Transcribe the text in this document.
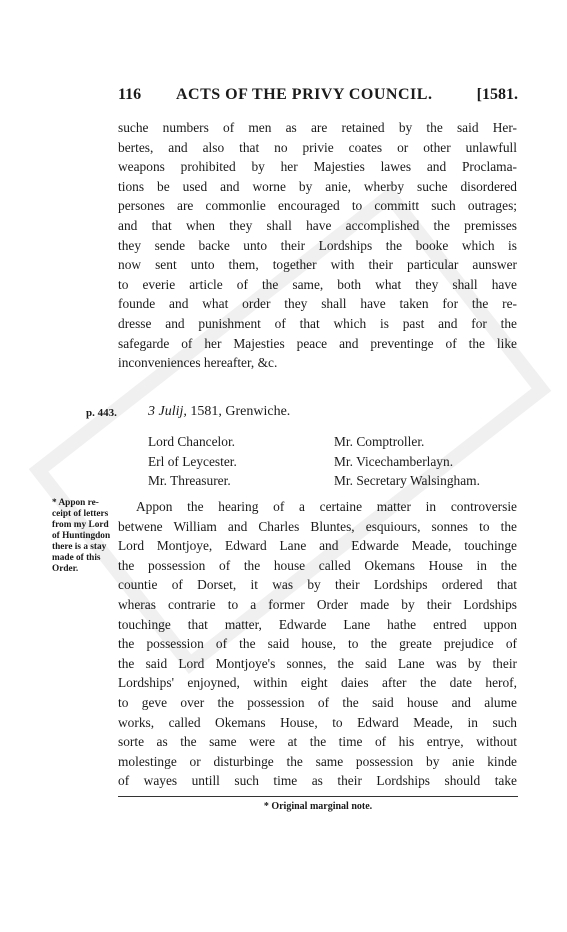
116 ACTS OF THE PRIVY COUNCIL.	[1581.
suche numbers of men as are retained by the said Her-
bertes, and also that no privie coates or other unlawfull
weapons prohibited by her Majesties lawes and Proclama-
tions be used and worne by anie, wherby suche disordered
persones are commonlie encouraged to committ such outrages;
and that when they shall have accomplished the premisses
they sende backe unto their Lordships the booke which is
now sent unto them, together with their particular aunswer
to everie article of the same, both what they shall have
founde and what order they shall have taken for the re-
dresse and punishment of that which is past and for the
safegarde of her Majesties peace and preventinge of the like
inconveniences hereafter, &c.
p. 443. 3 Julij, 1581, Grenwiche.
Lord Chancelor.
Erl of Leycester.
Mr. Threasurer.
Mr. Comptroller.
Mr. Vicechamberlayn.
Mr. Secretary Walsingham.
* Appon re-
ceipt of letters
from my Lord
of Huntingdon
there is a stay
made of this
Order.
Appon the hearing of a certaine matter in controversie
betwene William and Charles Bluntes, esquiours, sonnes to the
Lord Montjoye, Edward Lane and Edwarde Meade, touchinge
the possession of the house called Okemans House in the
countie of Dorset, it was by their Lordships ordered that
wheras contrarie to a former Order made by their Lordships
touchinge that matter, Edwarde Lane hathe entred uppon
the possession of the said house, to the greate prejudice of
the said Lord Montjoye's sonnes, the said Lane was by their
Lordships' enjoyned, within eight daies after the date herof,
to geve over the possession of the said house and alume
works, called Okemans House, to Edward Meade, in such
sorte as the same were at the time of his entrye, without
molestinge or disturbinge the same possession by anie kinde
of wayes untill such time as their Lordships should take
* Original marginal note.
